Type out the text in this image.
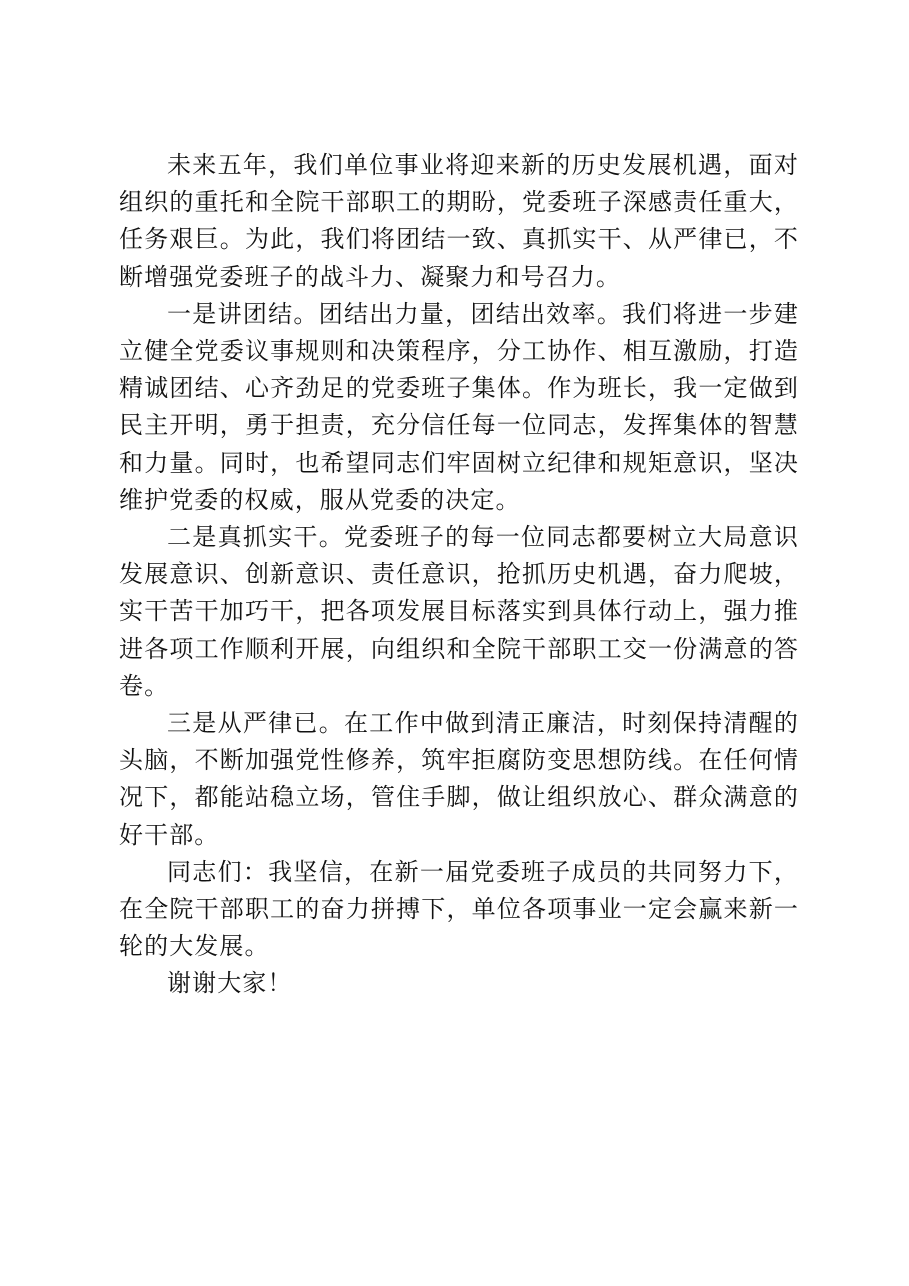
未来五年，我们单位事业将迎来新的历史发展机遇，面对组织的重托和全院干部职工的期盼，党委班子深感责任重大，任务艰巨。为此，我们将团结一致、真抓实干、从严律已，不断增强党委班子的战斗力、凝聚力和号召力。

一是讲团结。团结出力量，团结出效率。我们将进一步建立健全党委议事规则和决策程序，分工协作、相互激励，打造精诚团结、心齐劲足的党委班子集体。作为班长，我一定做到民主开明，勇于担责，充分信任每一位同志，发挥集体的智慧和力量。同时，也希望同志们牢固树立纪律和规矩意识，坚决维护党委的权威，服从党委的决定。

二是真抓实干。党委班子的每一位同志都要树立大局意识发展意识、创新意识、责任意识，抢抓历史机遇，奋力爬坡，实干苦干加巧干，把各项发展目标落实到具体行动上，强力推进各项工作顺利开展，向组织和全院干部职工交一份满意的答卷。

三是从严律已。在工作中做到清正廉洁，时刻保持清醒的头脑，不断加强党性修养，筑牢拒腐防变思想防线。在任何情况下，都能站稳立场，管住手脚，做让组织放心、群众满意的好干部。

同志们：我坚信，在新一届党委班子成员的共同努力下，在全院干部职工的奋力拼搏下，单位各项事业一定会赢来新一轮的大发展。

谢谢大家！
